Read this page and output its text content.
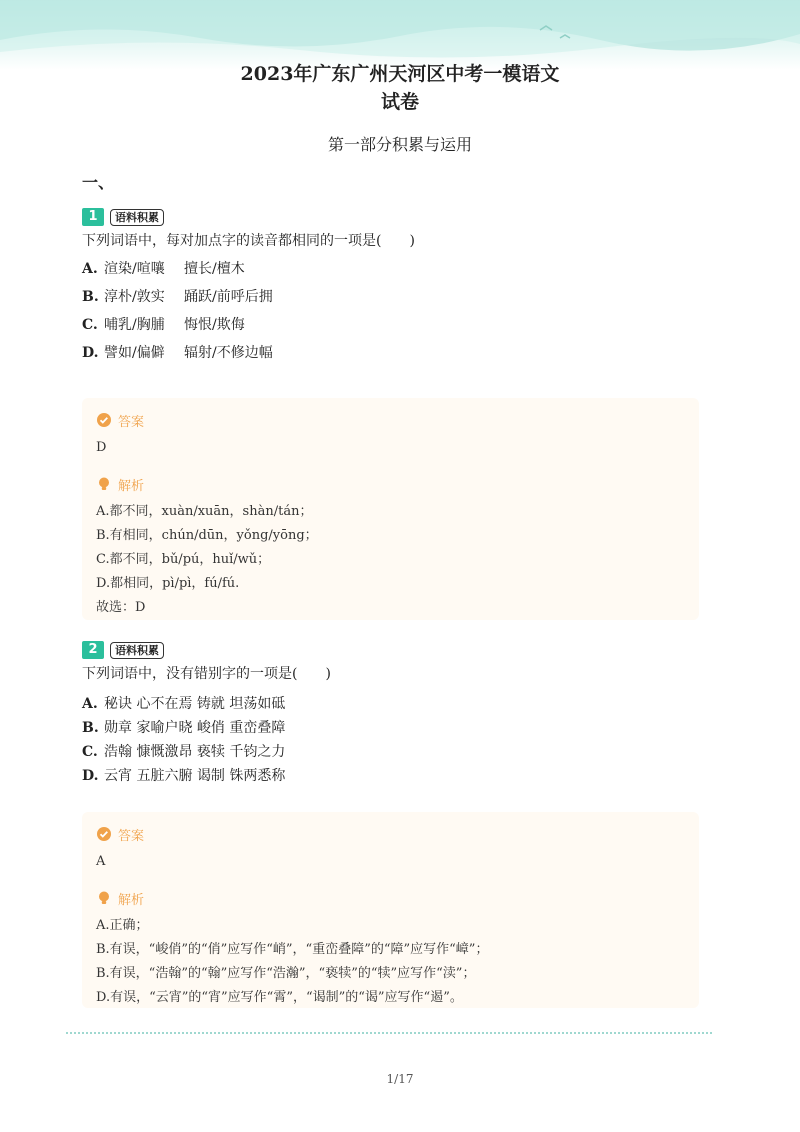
2023年广东广州天河区中考一模语文
试卷
第一部分积累与运用
一、
1	语料积累
下列词语中，每对加点字的读音都相同的一项是(　　)
A. 渲染/喧嚷	擅长/檀木
B. 淳朴/敦实	踊跃/前呼后拥
C. 哺乳/胸脯	悔恨/欺侮
D. 譬如/偏僻	辐射/不修边幅
答案
D
解析
A.都不同，xuàn/xuān，shàn/tán；
B.有相同，chún/dūn，yǒng/yōng；
C.都不同，bǔ/pú，huǐ/wǔ；
D.都相同，pì/pì，fú/fú.
故选：D
2	语料积累
下列词语中，没有错别字的一项是(　　)
A. 秘诀 心不在焉 铸就 坦荡如砥
B. 勋章 家喻户晓 峻俏 重峦叠障
C. 浩翰 慷慨激昂 亵犊 千钧之力
D. 云宵 五脏六腑 谒制 铢两悉称
答案
A
解析
A.正确；
B.有误，“峻俏”的“俏”应写作“峭”，“重峦叠障”的“障”应写作“嶂”；
B.有误，“浩翰”的“翰”应写作“浩瀚”，“亵犊”的“犊”应写作“渎”；
D.有误，“云宵”的“宵”应写作“霄”，“谒制”的“谒”应写作“遏”。
1/17
